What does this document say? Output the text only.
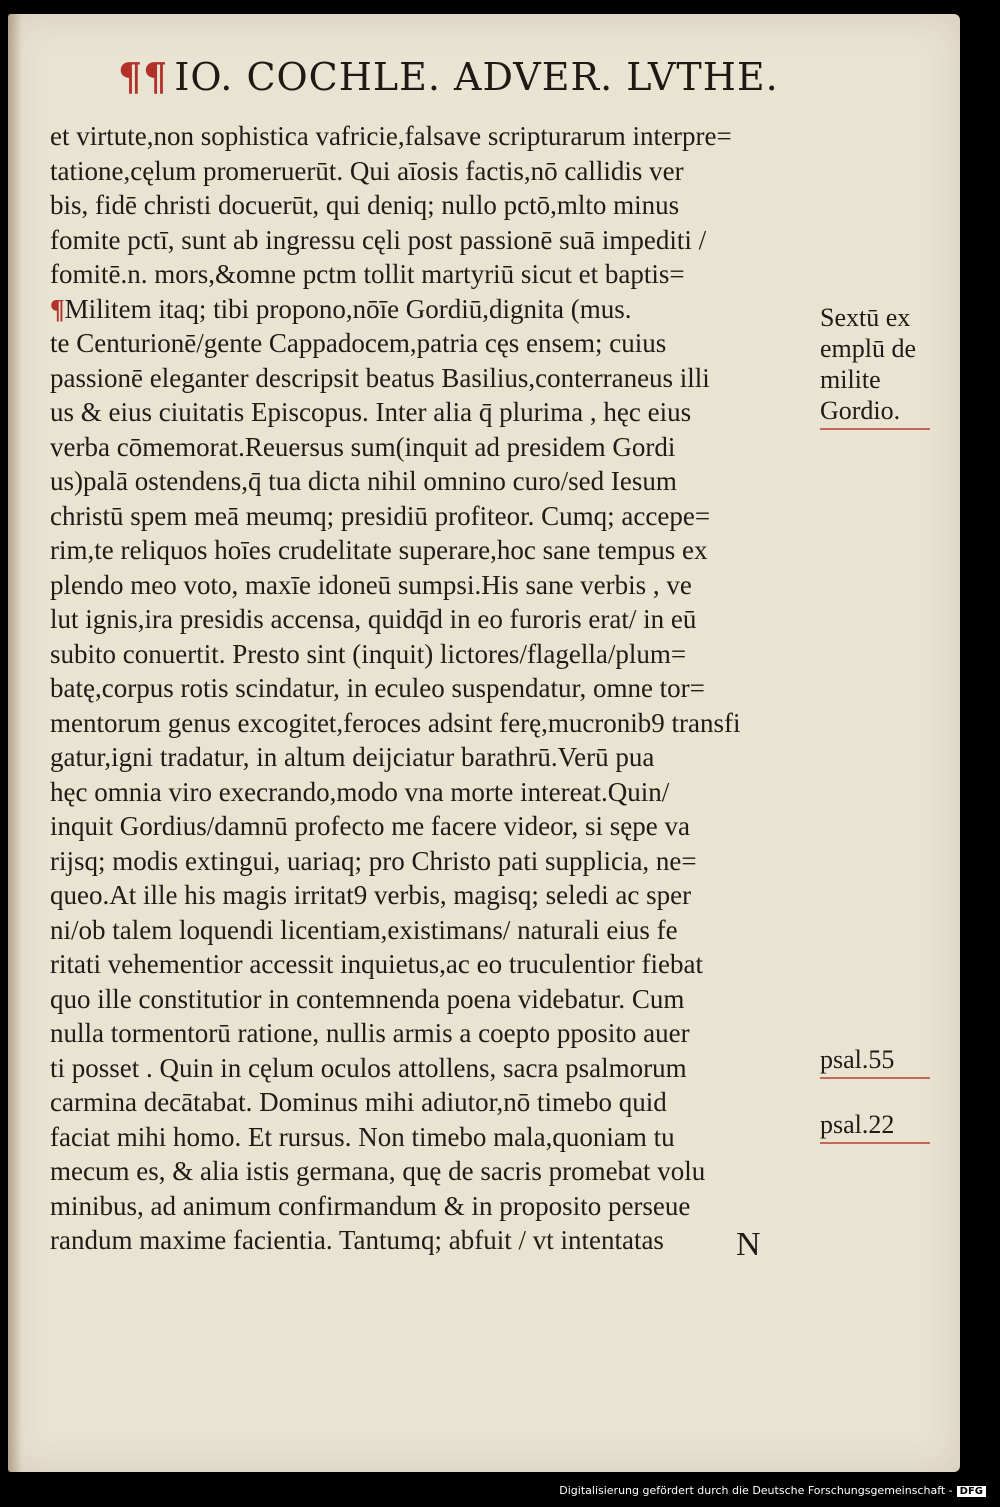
¶¶ IO. COCHLE. ADVER. LVTHE.
et virtute,non sophistica vafricie,falsave scripturarum interpre=
tatione,cęlum promeruerūt. Qui aīosis factis,nō callidis ver
bis, fidē christi docuerūt, qui deniq; nullo pctō,mlto minus
fomite pctī, sunt ab ingressu cęli post passionē suā impediti /
fomitē.n. mors,&omne pctm tollit martyriū sicut et baptis=
¶Militem itaq; tibi propono,nōīe Gordiū,dignita (mus.
te Centurionē/gente Cappadocem,patria cęs ensem; cuius
passionē eleganter descripsit beatus Basilius,conterraneus illi
us & eius ciuitatis Episcopus. Inter alia q̄ plurima , hęc eius
verba cōmemorat.Reuersus sum(inquit ad presidem Gordi
us)palā ostendens,q̄ tua dicta nihil omnino curo/sed Iesum
christū spem meā meumq; presidiū profiteor. Cumq; accepe=
rim,te reliquos hoīes crudelitate superare,hoc sane tempus ex
plendo meo voto, maxīe idoneū sumpsi.His sane verbis , ve
lut ignis,ira presidis accensa, quidq̄d in eo furoris erat/ in eū
subito conuertit. Presto sint (inquit) lictores/flagella/plum=
batę,corpus rotis scindatur, in eculeo suspendatur, omne tor=
mentorum genus excogitet,feroces adsint ferę,mucronib9 transfi
gatur,igni tradatur, in altum deijciatur barathrū.Verū pua
hęc omnia viro execrando,modo vna morte intereat.Quin/
inquit Gordius/damnū profecto me facere videor, si sępe va
rijsq; modis extingui, uariaq; pro Christo pati supplicia, ne=
queo.At ille his magis irritat9 verbis, magisq; seledi ac sper
ni/ob talem loquendi licentiam,existimans/ naturali eius fe
ritati vehementior accessit inquietus,ac eo truculentior fiebat
quo ille constitutior in contemnenda poena videbatur. Cum
nulla tormentorū ratione, nullis armis a coepto pposito auer
ti posset . Quin in cęlum oculos attollens, sacra psalmorum
carmina decātabat. Dominus mihi adiutor,nō timebo quid
faciat mihi homo. Et rursus. Non timebo mala,quoniam tu
mecum es, & alia istis germana, quę de sacris promebat volu
minibus, ad animum confirmandum & in proposito perseue
randum maxime facientia. Tantumq; abfuit / vt intentatas
Sextū ex
emplū de
milite
Gordio.
psal.55
psal.22
N
Digitalisierung gefördert durch die Deutsche Forschungsgemeinschaft - DFG
